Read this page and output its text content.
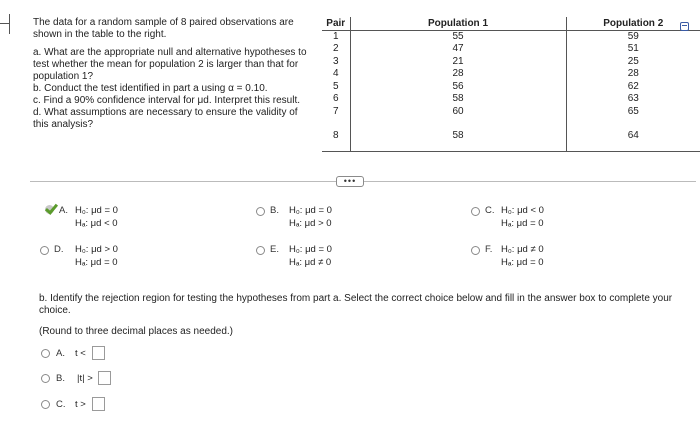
The data for a random sample of 8 paired observations are shown in the table to the right.

a. What are the appropriate null and alternative hypotheses to test whether the mean for population 2 is larger than that for population 1?

b. Conduct the test identified in part a using α = 0.10.

c. Find a 90% confidence interval for μd. Interpret this result.

d. What assumptions are necessary to ensure the validity of this analysis?

Pair	Population 1	Population 2
1	55	59
2	47	51
3	21	25
4	28	28
5	56	62
6	58	63
7	60	65

8	58	64
•••
A. H₀: μd = 0
Hₐ: μd < 0
B. H₀: μd = 0
Hₐ: μd > 0
C. H₀: μd < 0
Hₐ: μd = 0
D. H₀: μd > 0
Hₐ: μd = 0
E. H₀: μd = 0
Hₐ: μd ≠ 0
F. H₀: μd ≠ 0
Hₐ: μd = 0
b. Identify the rejection region for testing the hypotheses from part a. Select the correct choice below and fill in the answer box to complete your choice.
(Round to three decimal places as needed.)
A. t <
B. |t| >
C. t >
